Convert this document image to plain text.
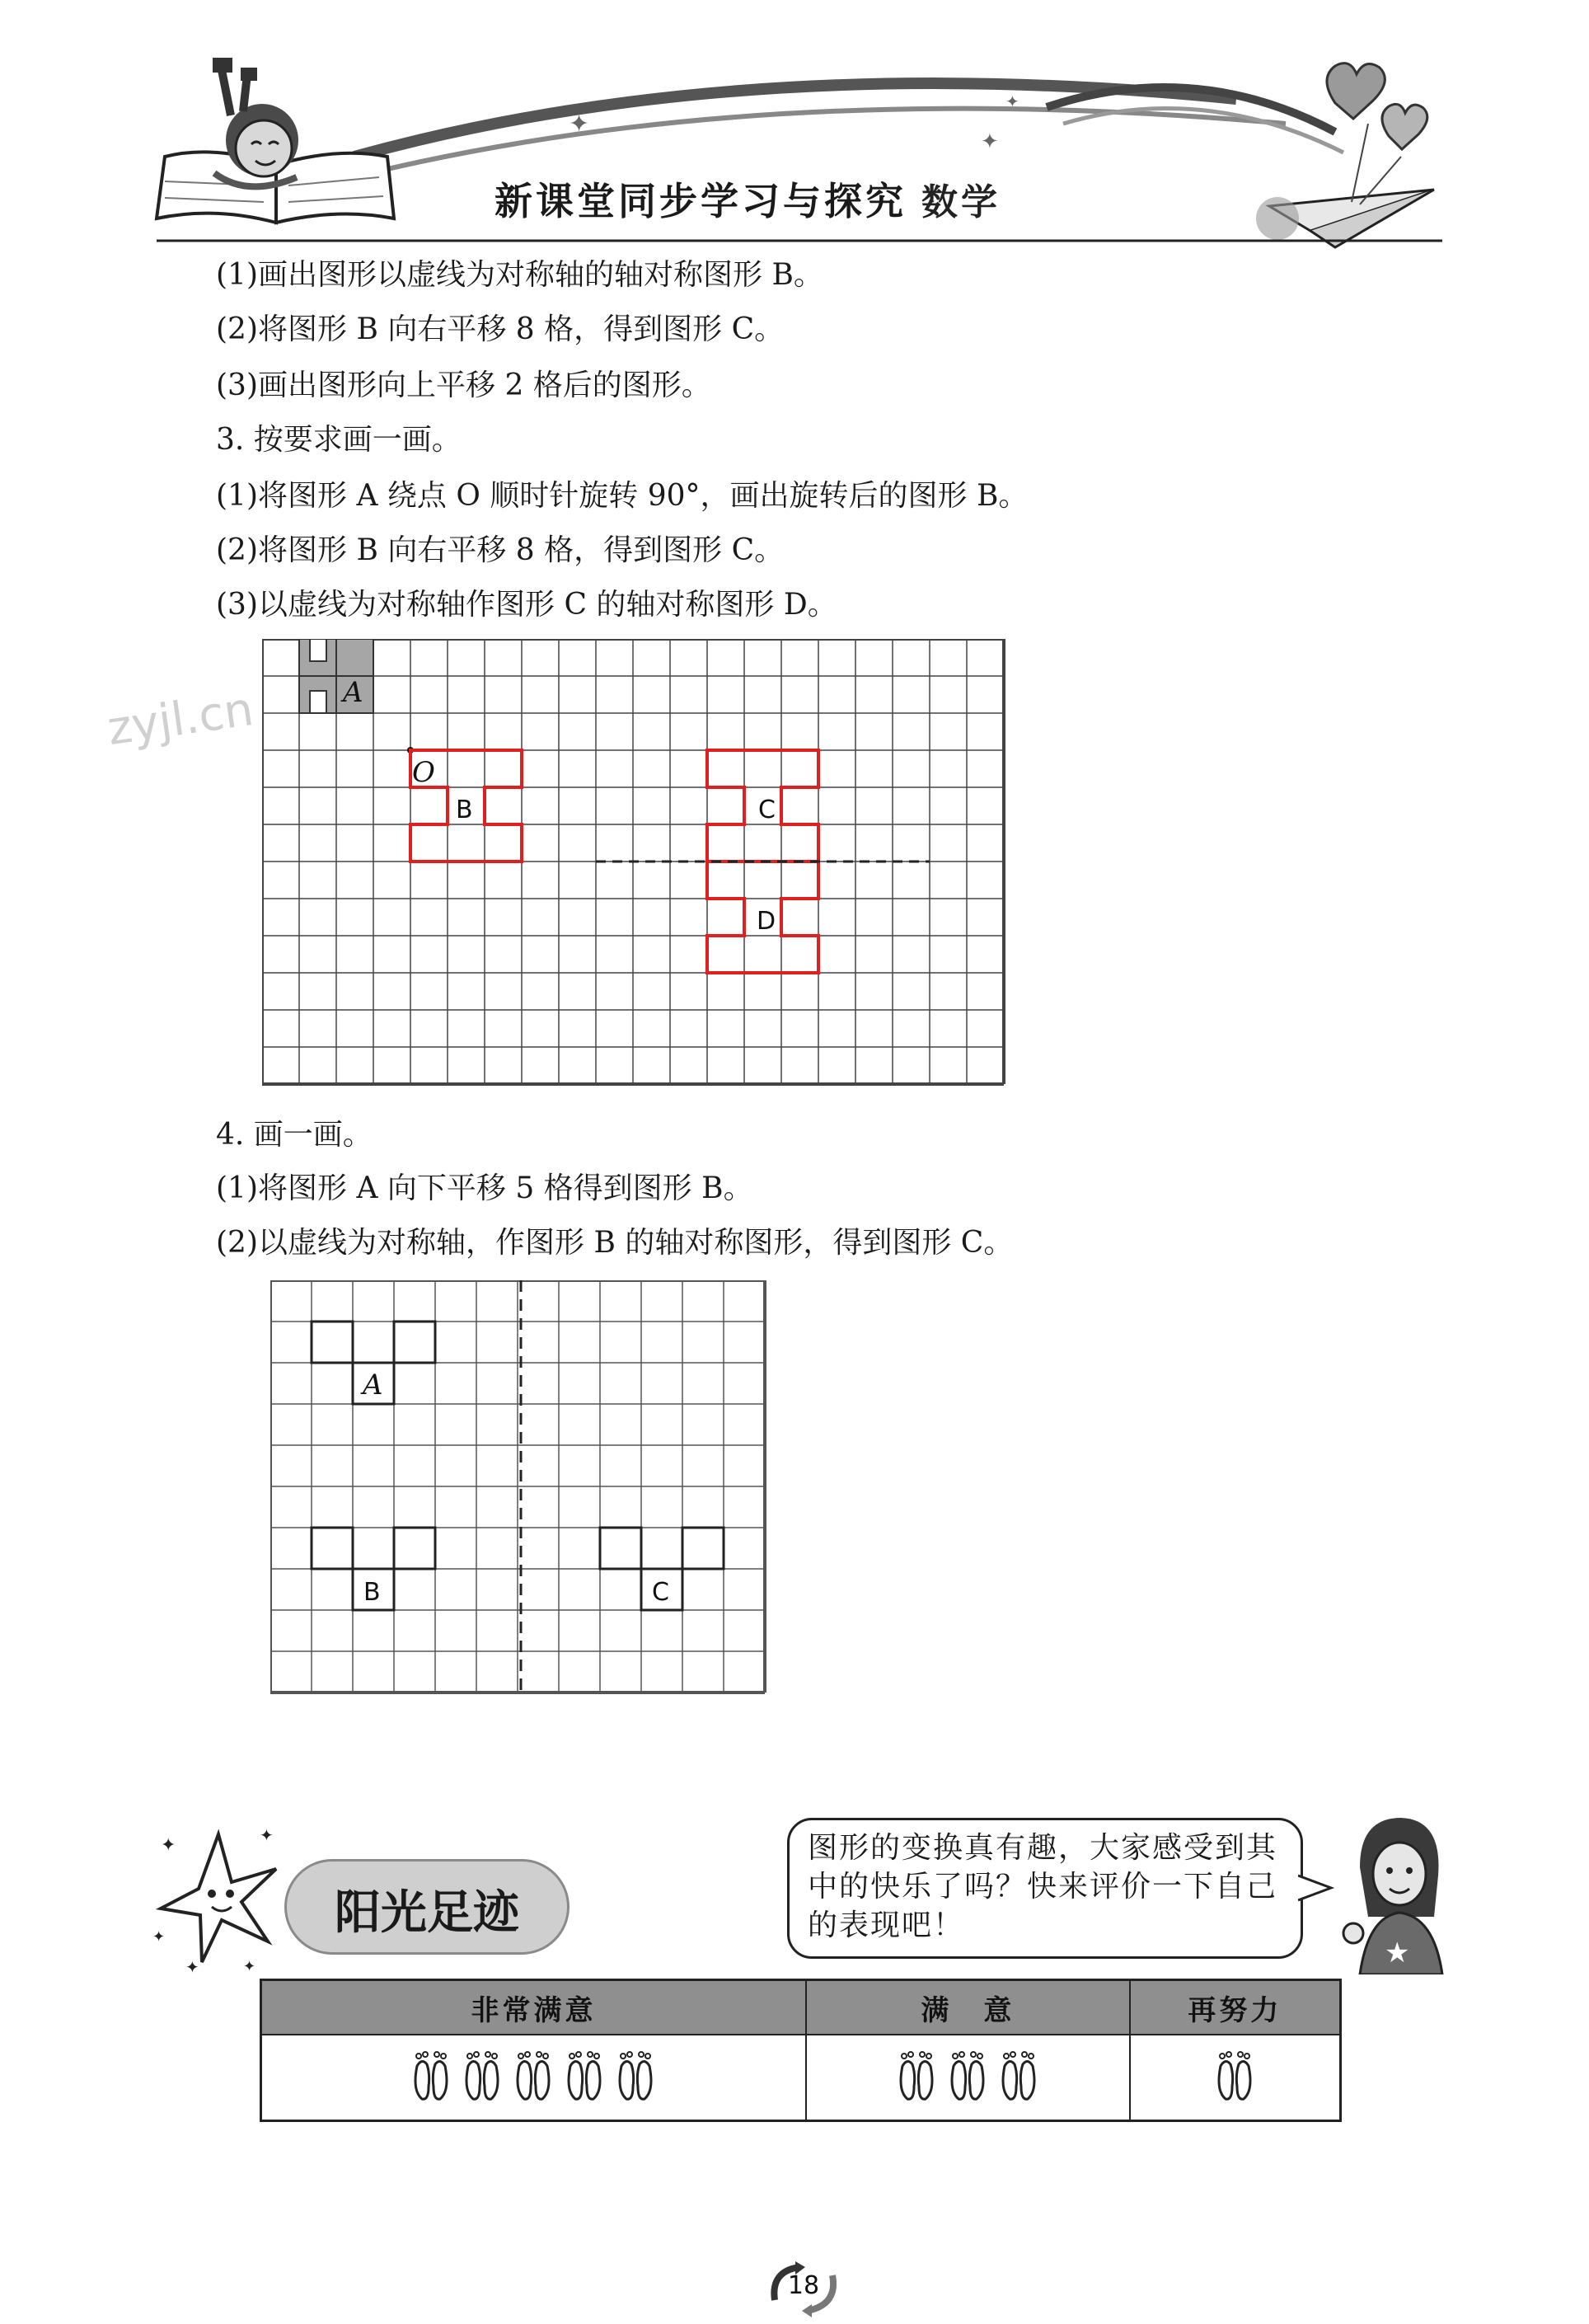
✦
✦
✦
新课堂同步学习与探究 数学
(1)画出图形以虚线为对称轴的轴对称图形 B。
(2)将图形 B 向右平移 8 格，得到图形 C。
(3)画出图形向上平移 2 格后的图形。
3. 按要求画一画。
(1)将图形 A 绕点 O 顺时针旋转 90°，画出旋转后的图形 B。
(2)将图形 B 向右平移 8 格，得到图形 C。
(3)以虚线为对称轴作图形 C 的轴对称图形 D。
zyjl.cn	A
O
B	C
D
4. 画一画。
(1)将图形 A 向下平移 5 格得到图形 B。
(2)以虚线为对称轴，作图形 B 的轴对称图形，得到图形 C。
A
B	C
✦	✦
✦
✦	✦
阳光足迹
图形的变换真有趣，大家感受到其中的快乐了吗？快来评价一下自己的表现吧！
★
非常满意	满　意	再努力

18
